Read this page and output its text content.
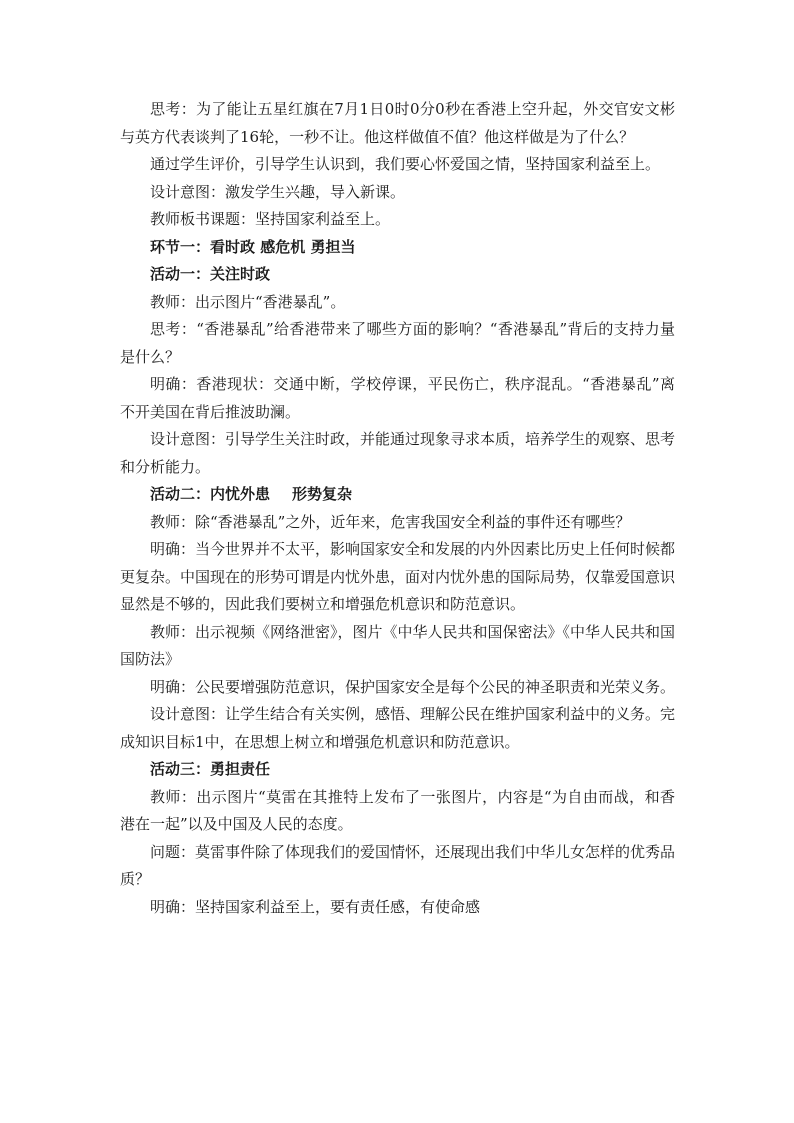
思考：为了能让五星红旗在7月1日0时0分0秒在香港上空升起，外交官安文彬与英方代表谈判了16轮，一秒不让。他这样做值不值？他这样做是为了什么？

通过学生评价，引导学生认识到，我们要心怀爱国之情，坚持国家利益至上。

设计意图：激发学生兴趣，导入新课。

教师板书课题：坚持国家利益至上。

环节一：看时政 感危机 勇担当

活动一：关注时政

教师：出示图片“香港暴乱”。

思考：“香港暴乱”给香港带来了哪些方面的影响？“香港暴乱”背后的支持力量是什么？

明确：香港现状：交通中断，学校停课，平民伤亡，秩序混乱。“香港暴乱”离不开美国在背后推波助澜。

设计意图：引导学生关注时政，并能通过现象寻求本质，培养学生的观察、思考和分析能力。

活动二：内忧外患 形势复杂

教师：除“香港暴乱”之外，近年来，危害我国安全利益的事件还有哪些？

明确：当今世界并不太平，影响国家安全和发展的内外因素比历史上任何时候都更复杂。中国现在的形势可谓是内忧外患，面对内忧外患的国际局势，仅靠爱国意识显然是不够的，因此我们要树立和增强危机意识和防范意识。

教师：出示视频《网络泄密》，图片《中华人民共和国保密法》《中华人民共和国国防法》

明确：公民要增强防范意识，保护国家安全是每个公民的神圣职责和光荣义务。

设计意图：让学生结合有关实例，感悟、理解公民在维护国家利益中的义务。完成知识目标1中，在思想上树立和增强危机意识和防范意识。

活动三：勇担责任

教师：出示图片“莫雷在其推特上发布了一张图片，内容是“为自由而战，和香港在一起”以及中国及人民的态度。

问题：莫雷事件除了体现我们的爱国情怀，还展现出我们中华儿女怎样的优秀品质？

明确：坚持国家利益至上，要有责任感，有使命感
